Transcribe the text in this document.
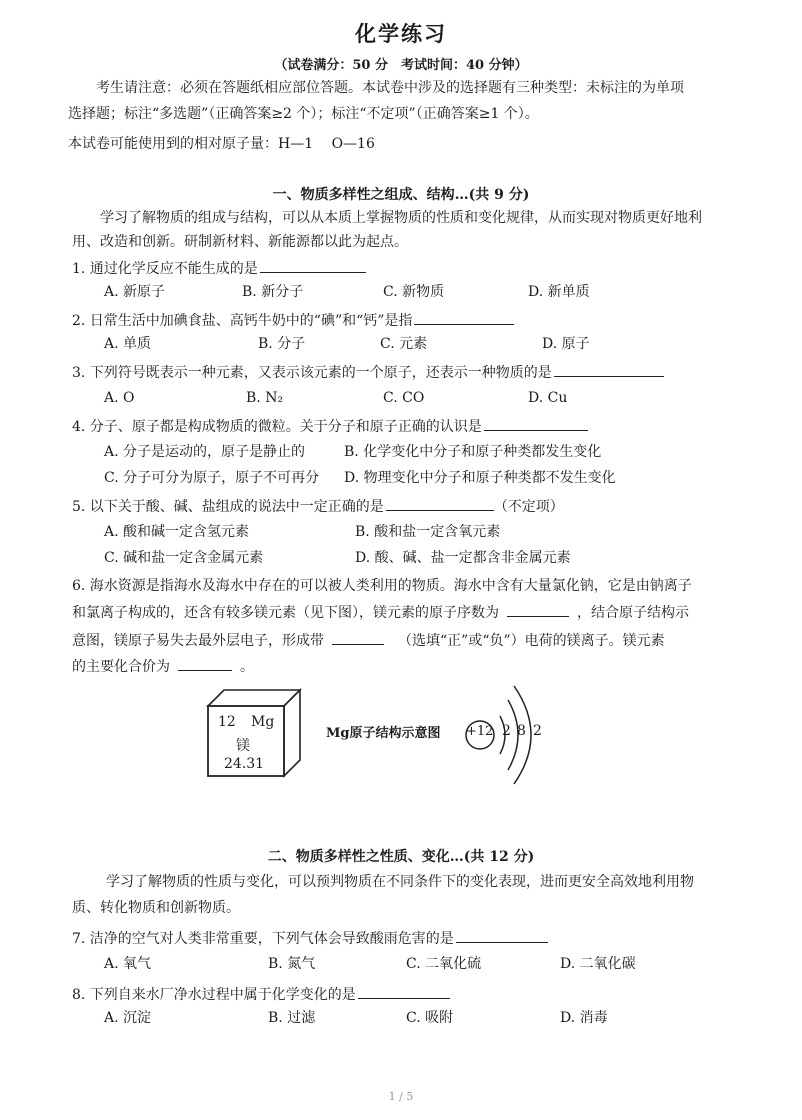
化学练习
（试卷满分：50 分　考试时间：40 分钟）
考生请注意：必须在答题纸相应部位答题。本试卷中涉及的选择题有三种类型：未标注的为单项
选择题；标注“多选题”（正确答案≥2 个）；标注“不定项”（正确答案≥1 个）。
本试卷可能使用到的相对原子量：H—1　 O—16
一、物质多样性之组成、结构…(共 9 分)
学习了解物质的组成与结构，可以从本质上掌握物质的性质和变化规律，从而实现对物质更好地利
用、改造和创新。研制新材料、新能源都以此为起点。
1. 通过化学反应不能生成的是
A. 新原子	B. 新分子	C. 新物质	D. 新单质
2. 日常生活中加碘食盐、高钙牛奶中的“碘”和“钙”是指
A. 单质	B. 分子	C. 元素	D. 原子
3. 下列符号既表示一种元素，又表示该元素的一个原子，还表示一种物质的是
A. O	B. N₂	C. CO	D. Cu
4. 分子、原子都是构成物质的微粒。关于分子和原子正确的认识是
A. 分子是运动的，原子是静止的	B. 化学变化中分子和原子种类都发生变化
C. 分子可分为原子，原子不可再分 D. 物理变化中分子和原子种类都不发生变化
5. 以下关于酸、碱、盐组成的说法中一定正确的是	（不定项）
A. 酸和碱一定含氢元素	B. 酸和盐一定含氧元素
C. 碱和盐一定含金属元素	D. 酸、碱、盐一定都含非金属元素
6. 海水资源是指海水及海水中存在的可以被人类利用的物质。海水中含有大量氯化钠，它是由钠离子
和氯离子构成的，还含有较多镁元素（见下图），镁元素的原子序数为	，结合原子结构示
意图，镁原子易失去最外层电子，形成带	（选填“正”或“负”）电荷的镁离子。镁元素
的主要化合价为	。
12 Mg
镁
24.31
Mg原子结构示意图 +12 2 8 2
二、物质多样性之性质、变化…(共 12 分)
学习了解物质的性质与变化，可以预判物质在不同条件下的变化表现，进而更安全高效地利用物
质、转化物质和创新物质。
7. 洁净的空气对人类非常重要，下列气体会导致酸雨危害的是
A. 氧气	B. 氮气	C. 二氧化硫	D. 二氧化碳
8. 下列自来水厂净水过程中属于化学变化的是
A. 沉淀	B. 过滤	C. 吸附	D. 消毒
1 / 5
